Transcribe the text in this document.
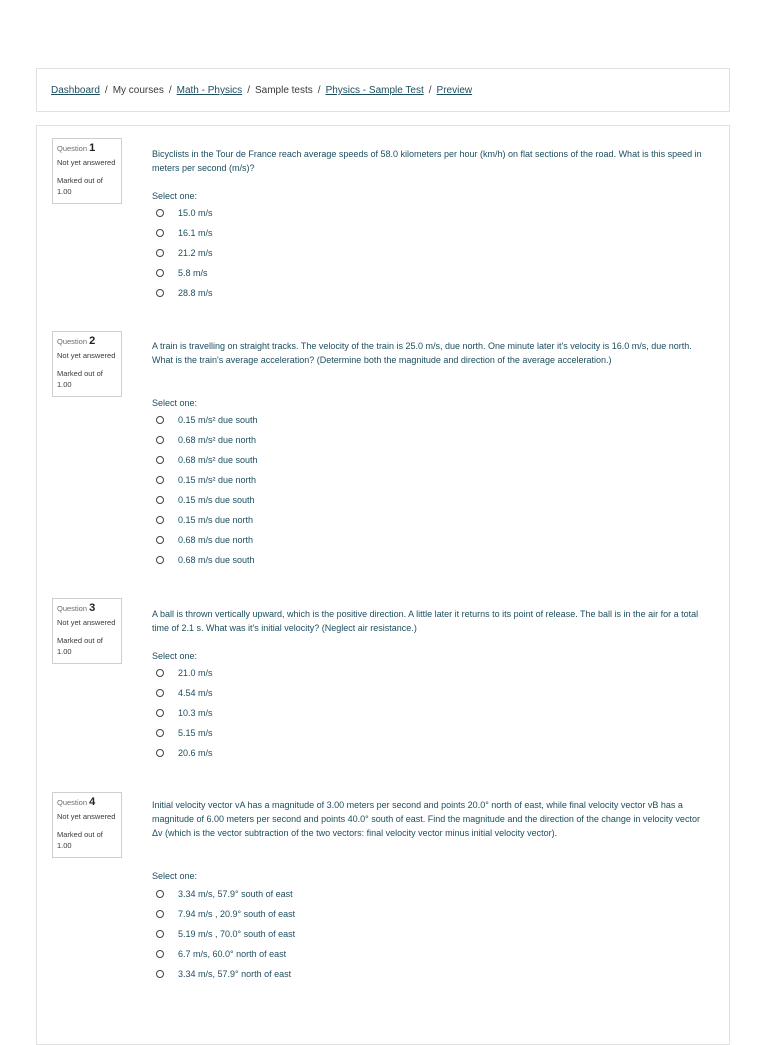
Dashboard / My courses / Math - Physics / Sample tests / Physics - Sample Test / Preview
Question 1
Not yet answered
Marked out of 1.00
Bicyclists in the Tour de France reach average speeds of 58.0 kilometers per hour (km/h) on flat sections of the road. What is this speed in meters per second (m/s)?
Select one:
15.0 m/s
16.1 m/s
21.2 m/s
5.8 m/s
28.8 m/s
Question 2
Not yet answered
Marked out of 1.00
A train is travelling on straight tracks. The velocity of the train is 25.0 m/s, due north. One minute later it's velocity is 16.0 m/s, due north. What is the train's average acceleration? (Determine both the magnitude and direction of the average acceleration.)
Select one:
0.15 m/s² due south
0.68 m/s² due north
0.68 m/s² due south
0.15 m/s² due north
0.15 m/s due south
0.15 m/s due north
0.68 m/s due north
0.68 m/s due south
Question 3
Not yet answered
Marked out of 1.00
A ball is thrown vertically upward, which is the positive direction. A little later it returns to its point of release. The ball is in the air for a total time of 2.1 s. What was it's initial velocity? (Neglect air resistance.)
Select one:
21.0 m/s
4.54 m/s
10.3 m/s
5.15 m/s
20.6 m/s
Question 4
Not yet answered
Marked out of 1.00
Initial velocity vector vA has a magnitude of 3.00 meters per second and points 20.0° north of east, while final velocity vector vB has a magnitude of 6.00 meters per second and points 40.0° south of east. Find the magnitude and the direction of the change in velocity vector Δv (which is the vector subtraction of the two vectors: final velocity vector minus initial velocity vector).
Select one:
3.34 m/s, 57.9° south of east
7.94 m/s , 20.9° south of east
5.19 m/s , 70.0° south of east
6.7 m/s, 60.0° north of east
3.34 m/s, 57.9° north of east
